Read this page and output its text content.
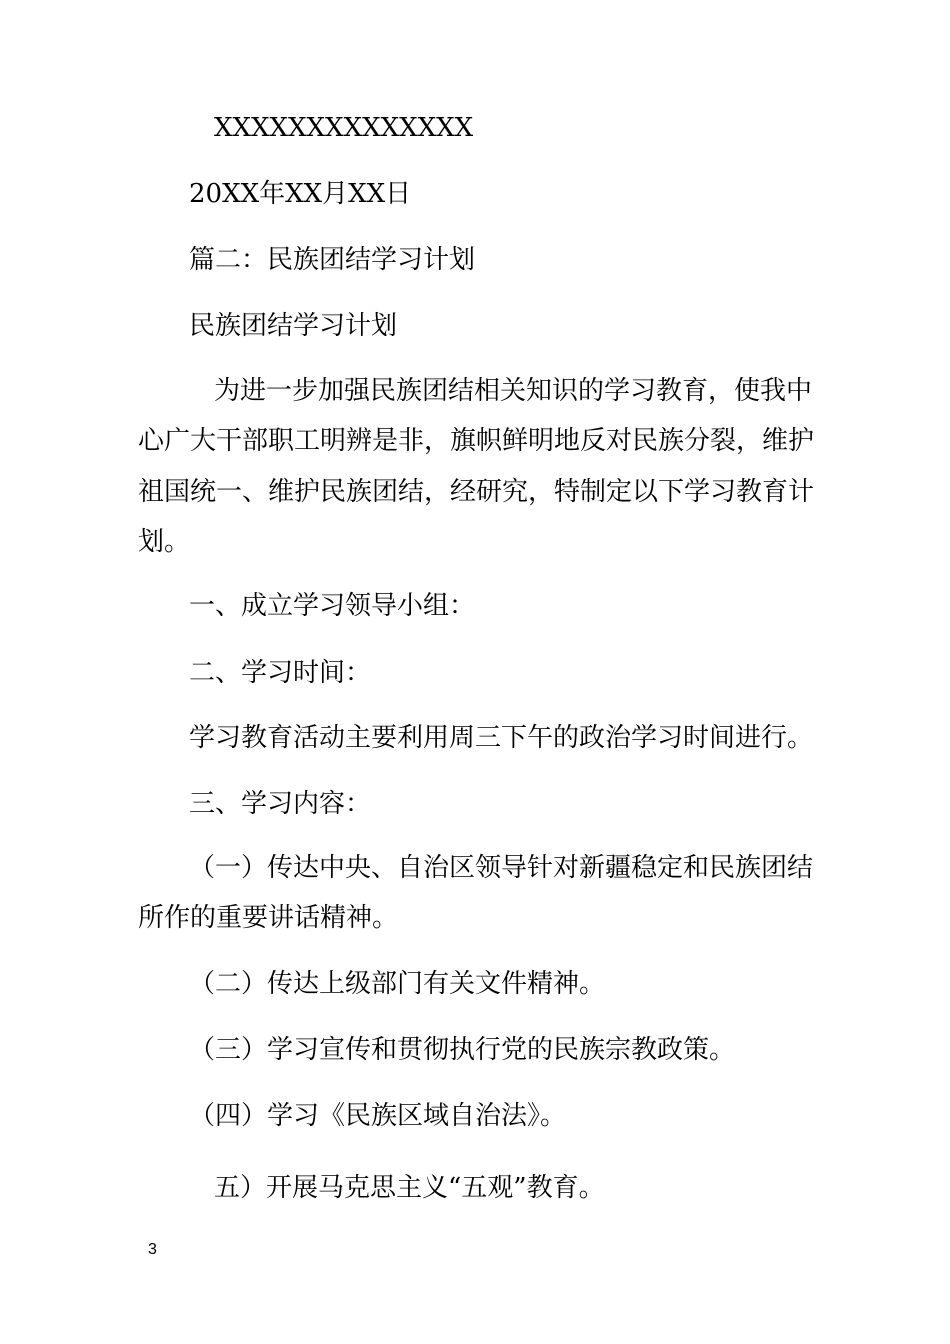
XXXXXXXXXXXXXX
20XX年XX月XX日
篇二：民族团结学习计划
民族团结学习计划
为进一步加强民族团结相关知识的学习教育，使我中
心广大干部职工明辨是非，旗帜鲜明地反对民族分裂，维护
祖国统一、维护民族团结，经研究，特制定以下学习教育计
划。
一、成立学习领导小组：
二、学习时间：
学习教育活动主要利用周三下午的政治学习时间进行。
三、学习内容：
（一）传达中央、自治区领导针对新疆稳定和民族团结
所作的重要讲话精神。
（二）传达上级部门有关文件精神。
（三）学习宣传和贯彻执行党的民族宗教政策。
（四）学习《民族区域自治法》。
五）开展马克思主义“五观”教育。
3
